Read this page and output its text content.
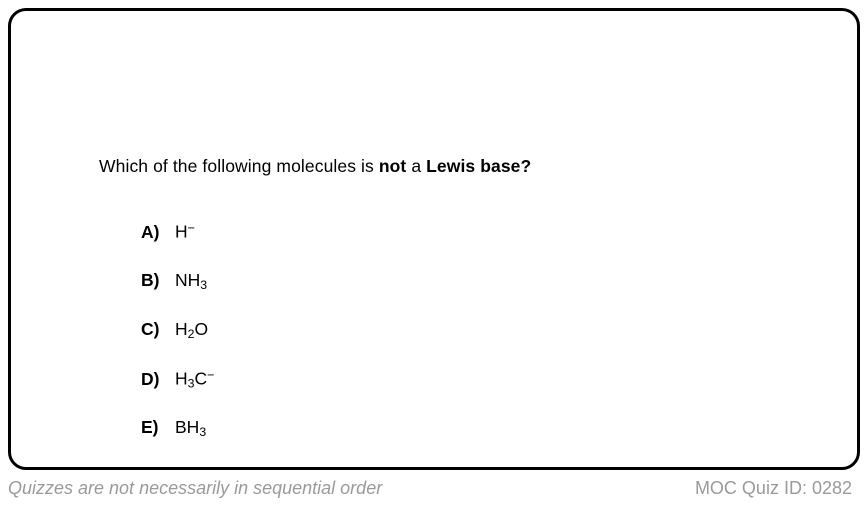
Which of the following molecules is not a Lewis base?
A) H−
B) $NH_3$
C) $H_2O$
D) $H_3C^-$
E) $BH_3$
Quizzes are not necessarily in sequential order	MOC Quiz ID: 0282
